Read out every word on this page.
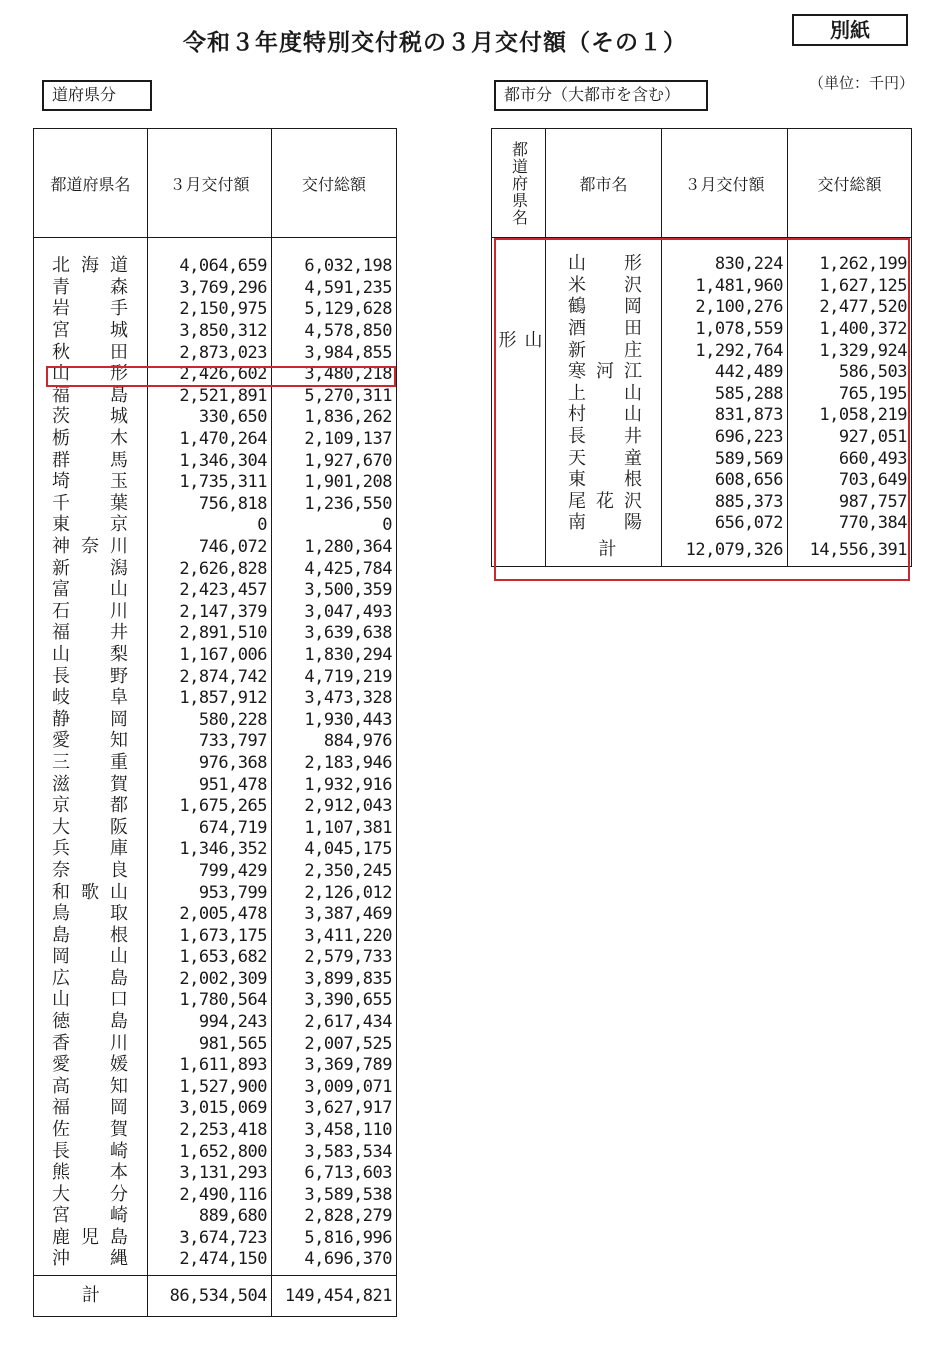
令和３年度特別交付税の３月交付額（その１）	別紙
（単位：千円）
道府県分	都市分（大都市を含む）
都道府県名	３月交付額	交付総額

北 海 道	4,064,659	6,032,198

青 森	3,769,296	4,591,235

岩 手	2,150,975	5,129,628

宮 城	3,850,312	4,578,850

秋 田	2,873,023	3,984,855

山 形	2,426,602	3,480,218

福 島	2,521,891	5,270,311

茨 城	330,650	1,836,262

栃 木	1,470,264	2,109,137

群 馬	1,346,304	1,927,670

埼 玉	1,735,311	1,901,208

千 葉	756,818	1,236,550

東 京	0	0

神 奈 川	746,072	1,280,364

新 潟	2,626,828	4,425,784

富 山	2,423,457	3,500,359

石 川	2,147,379	3,047,493

福 井	2,891,510	3,639,638

山 梨	1,167,006	1,830,294

長 野	2,874,742	4,719,219

岐 阜	1,857,912	3,473,328

静 岡	580,228	1,930,443

愛 知	733,797	884,976

三 重	976,368	2,183,946

滋 賀	951,478	1,932,916

京 都	1,675,265	2,912,043

大 阪	674,719	1,107,381

兵 庫	1,346,352	4,045,175

奈 良	799,429	2,350,245

和 歌 山	953,799	2,126,012

鳥 取	2,005,478	3,387,469

島 根	1,673,175	3,411,220

岡 山	1,653,682	2,579,733

広 島	2,002,309	3,899,835

山 口	1,780,564	3,390,655

徳 島	994,243	2,617,434

香 川	981,565	2,007,525

愛 媛	1,611,893	3,369,789

高 知	1,527,900	3,009,071

福 岡	3,015,069	3,627,917

佐 賀	2,253,418	3,458,110

長 崎	1,652,800	3,583,534

熊 本	3,131,293	6,713,603

大 分	2,490,116	3,589,538

宮 崎	889,680	2,828,279

鹿 児 島	3,674,723	5,816,996

沖 縄	2,474,150	4,696,370
計	86,534,504	149,454,821
都道府県名	都市名	３月交付額	交付総額

山形	山 形	830,224	1,262,199

	米 沢	1,481,960	1,627,125

	鶴 岡	2,100,276	2,477,520

	酒 田	1,078,559	1,400,372

	新 庄	1,292,764	1,329,924

	寒 河 江	442,489	586,503

	上 山	585,288	765,195

	村 山	831,873	1,058,219

	長 井	696,223	927,051

	天 童	589,569	660,493

	東 根	608,656	703,649

	尾 花 沢	885,373	987,757

	南 陽	656,072	770,384
	計	12,079,326	14,556,391
